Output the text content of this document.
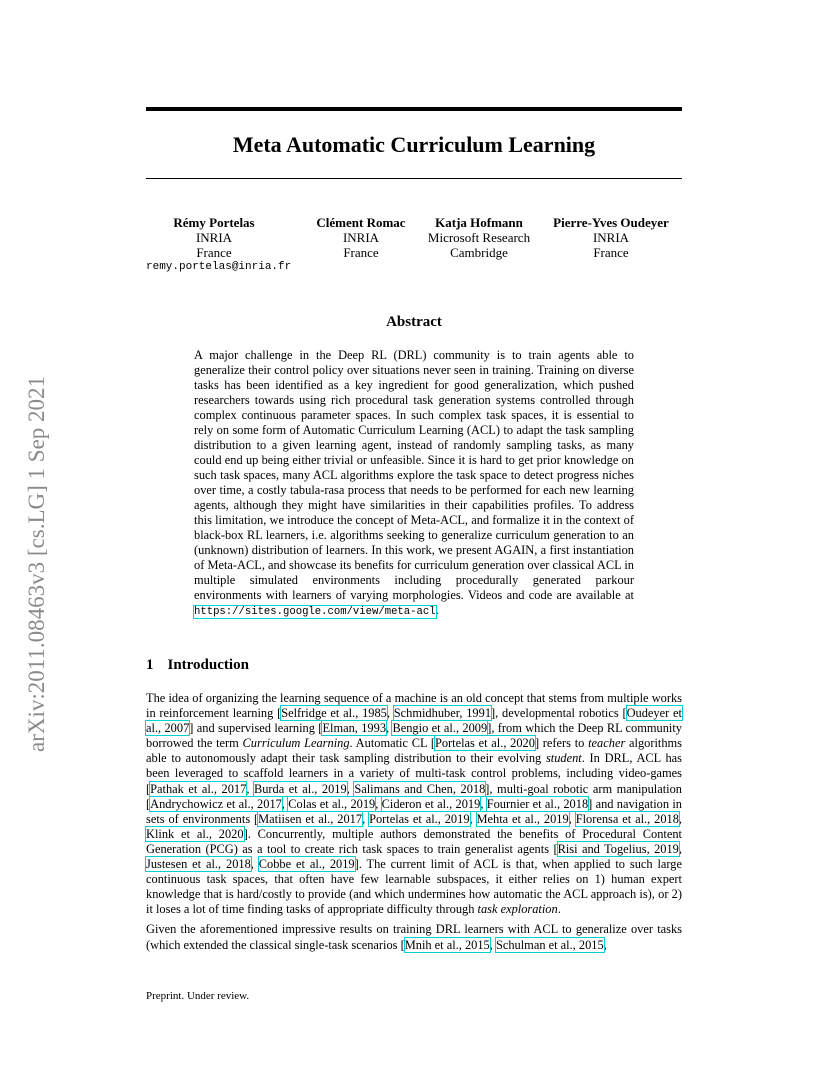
Meta Automatic Curriculum Learning
arXiv:2011.08463v3 [cs.LG] 1 Sep 2021
Rémy Portelas
INRIA
France
remy.portelas@inria.fr
Clément Romac
INRIA
France
Katja Hofmann
Microsoft Research
Cambridge
Pierre-Yves Oudeyer
INRIA
France
Abstract

A major challenge in the Deep RL (DRL) community is to train agents able to generalize their control policy over situations never seen in training. Training on diverse tasks has been identified as a key ingredient for good generalization, which pushed researchers towards using rich procedural task generation systems controlled through complex continuous parameter spaces. In such complex task spaces, it is essential to rely on some form of Automatic Curriculum Learning (ACL) to adapt the task sampling distribution to a given learning agent, instead of randomly sampling tasks, as many could end up being either trivial or unfeasible. Since it is hard to get prior knowledge on such task spaces, many ACL algorithms explore the task space to detect progress niches over time, a costly tabula-rasa process that needs to be performed for each new learning agents, although they might have similarities in their capabilities profiles. To address this limitation, we introduce the concept of Meta-ACL, and formalize it in the context of black-box RL learners, i.e. algorithms seeking to generalize curriculum generation to an (unknown) distribution of learners. In this work, we present AGAIN, a first instantiation of Meta-ACL, and showcase its benefits for curriculum generation over classical ACL in multiple simulated environments including procedurally generated parkour environments with learners of varying morphologies. Videos and code are available at https://sites.google.com/view/meta-acl.

1 Introduction

The idea of organizing the learning sequence of a machine is an old concept that stems from multiple works in reinforcement learning [Selfridge et al., 1985, Schmidhuber, 1991], developmental robotics [Oudeyer et al., 2007] and supervised learning [Elman, 1993, Bengio et al., 2009], from which the Deep RL community borrowed the term Curriculum Learning. Automatic CL [Portelas et al., 2020] refers to teacher algorithms able to autonomously adapt their task sampling distribution to their evolving student. In DRL, ACL has been leveraged to scaffold learners in a variety of multi-task control problems, including video-games [Pathak et al., 2017, Burda et al., 2019, Salimans and Chen, 2018], multi-goal robotic arm manipulation [Andrychowicz et al., 2017, Colas et al., 2019, Cideron et al., 2019, Fournier et al., 2018] and navigation in sets of environments [Matiisen et al., 2017, Portelas et al., 2019, Mehta et al., 2019, Florensa et al., 2018, Klink et al., 2020]. Concurrently, multiple authors demonstrated the benefits of Procedural Content Generation (PCG) as a tool to create rich task spaces to train generalist agents [Risi and Togelius, 2019, Justesen et al., 2018, Cobbe et al., 2019]. The current limit of ACL is that, when applied to such large continuous task spaces, that often have few learnable subspaces, it either relies on 1) human expert knowledge that is hard/costly to provide (and which undermines how automatic the ACL approach is), or 2) it loses a lot of time finding tasks of appropriate difficulty through task exploration.

Given the aforementioned impressive results on training DRL learners with ACL to generalize over tasks (which extended the classical single-task scenarios [Mnih et al., 2015, Schulman et al., 2015,

Preprint. Under review.
